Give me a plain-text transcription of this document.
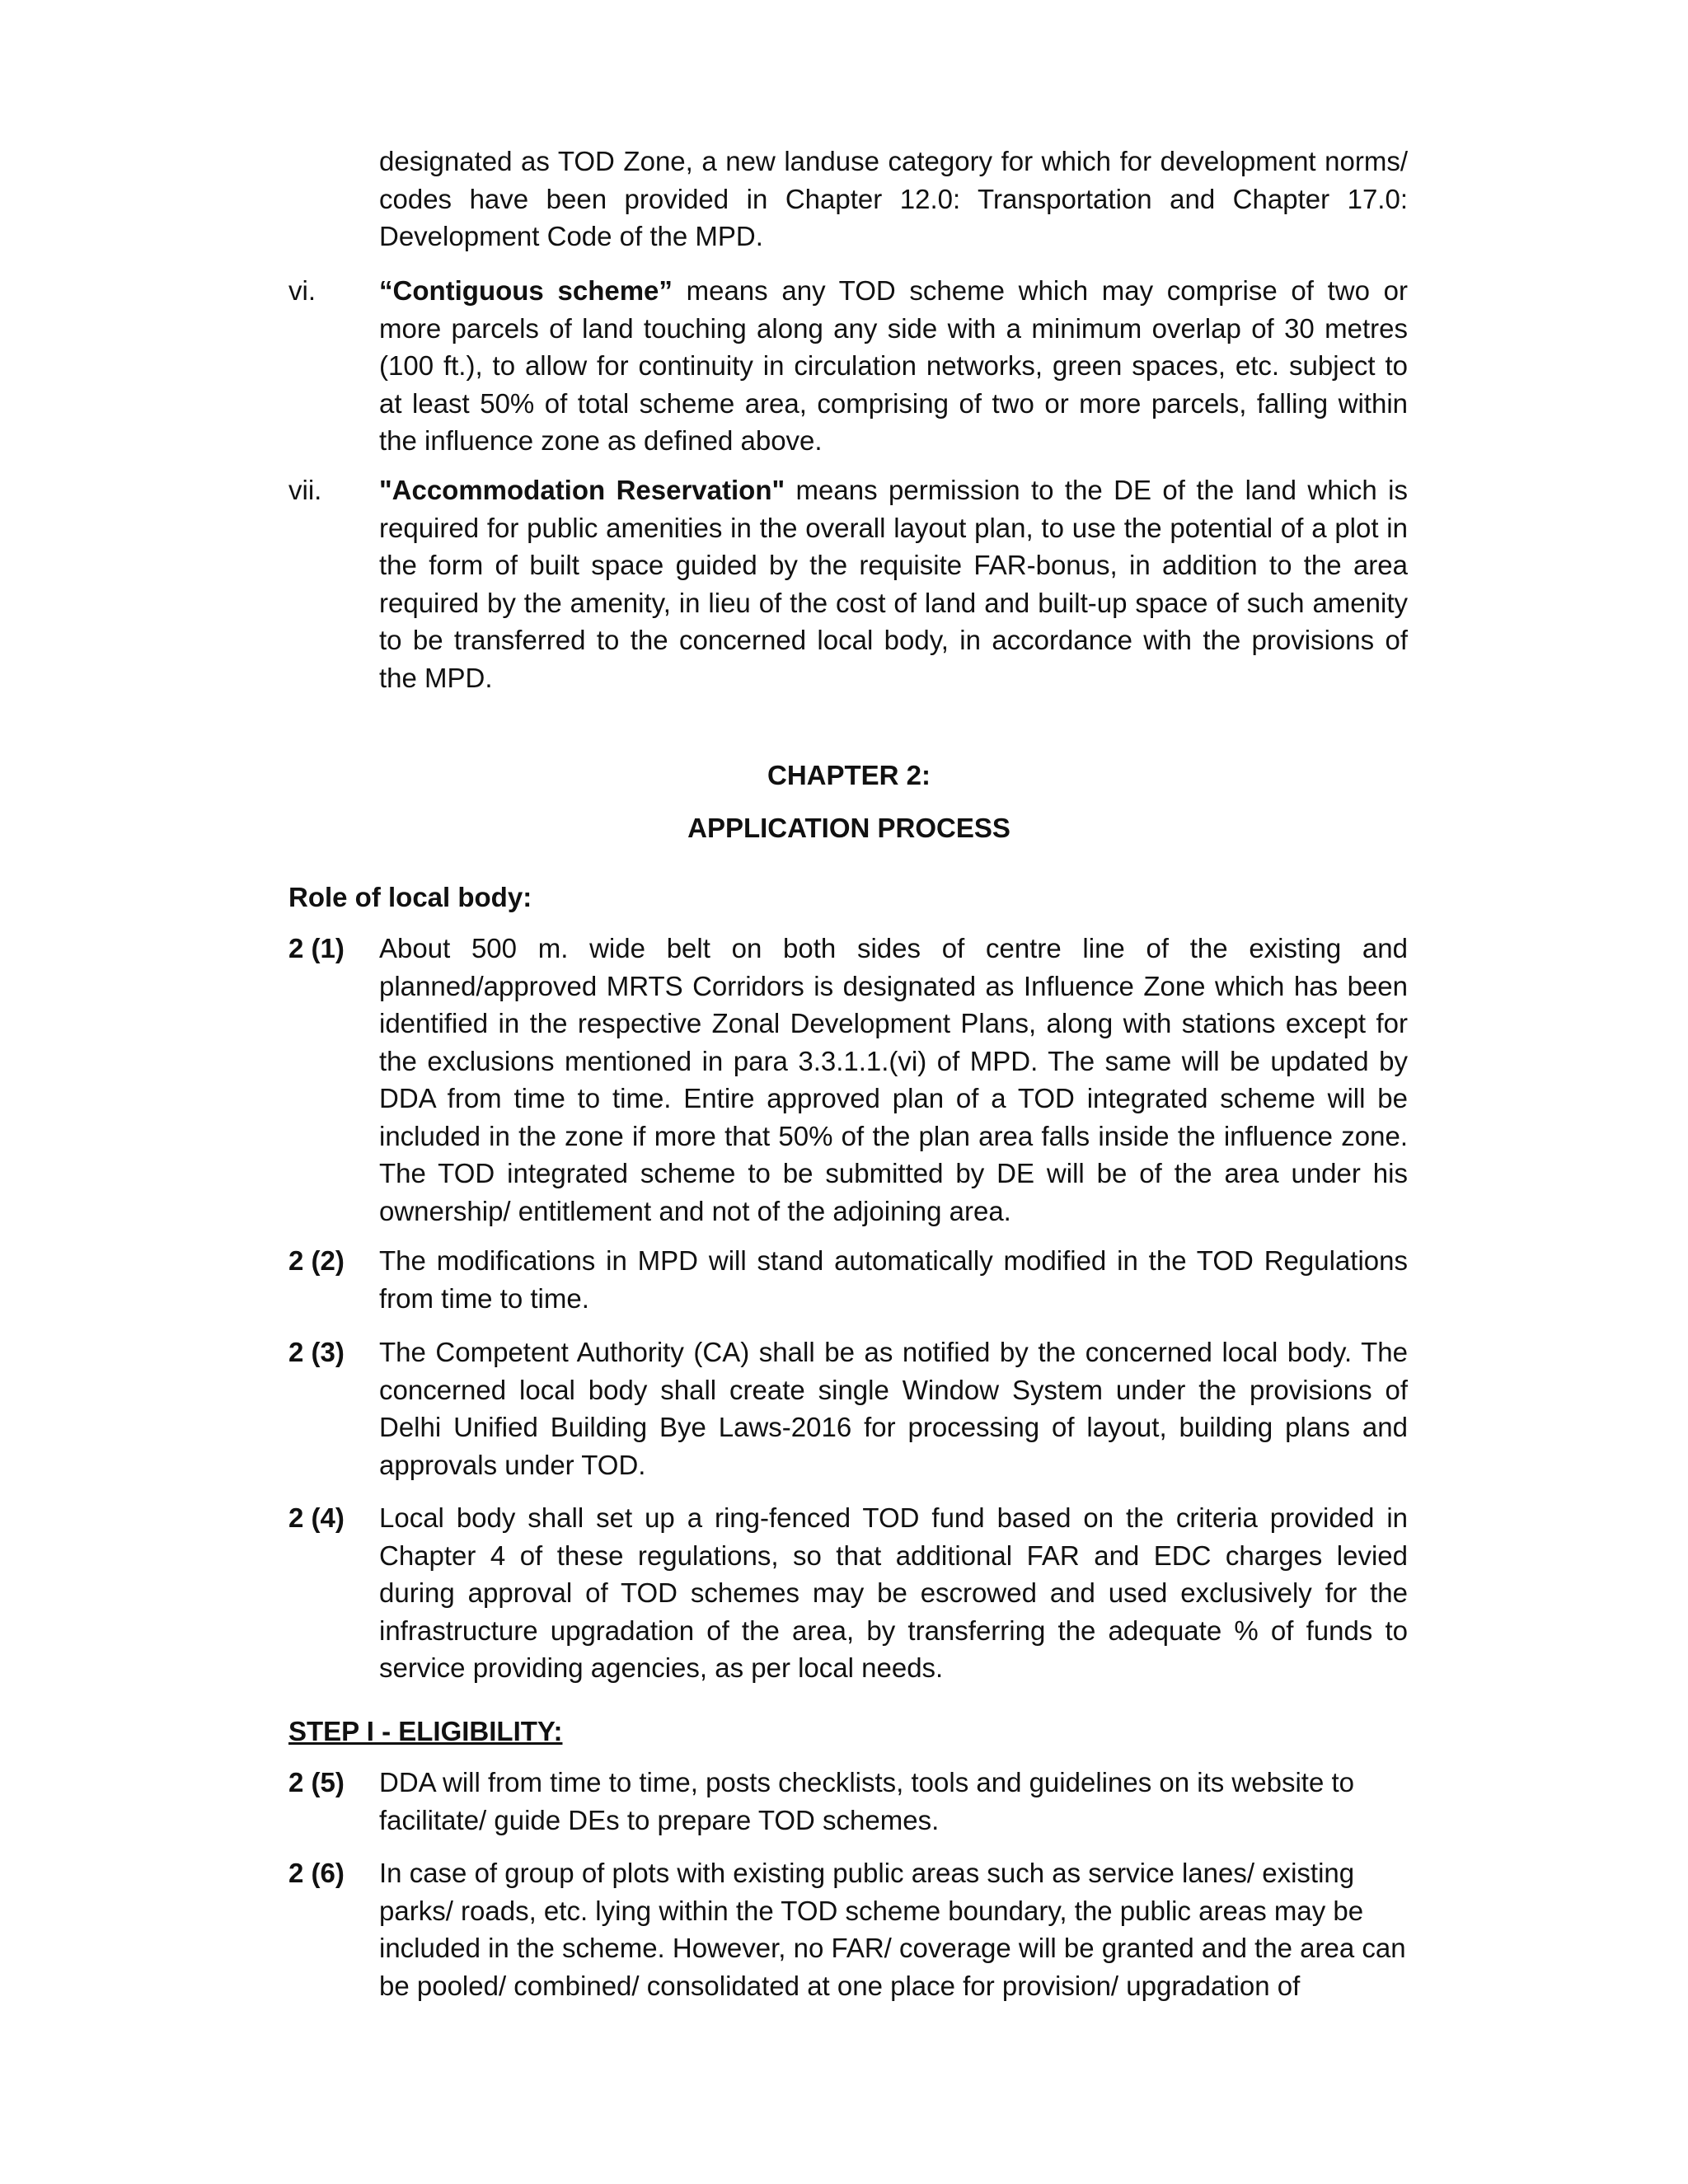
designated as TOD Zone, a new landuse category for which for development norms/ codes have been provided in Chapter 12.0: Transportation and Chapter 17.0: Development Code of the MPD.

vi. “Contiguous scheme” means any TOD scheme which may comprise of two or more parcels of land touching along any side with a minimum overlap of 30 metres (100 ft.), to allow for continuity in circulation networks, green spaces, etc. subject to at least 50% of total scheme area, comprising of two or more parcels, falling within the influence zone as defined above.

vii. "Accommodation Reservation" means permission to the DE of the land which is required for public amenities in the overall layout plan, to use the potential of a plot in the form of built space guided by the requisite FAR-bonus, in addition to the area required by the amenity, in lieu of the cost of land and built-up space of such amenity to be transferred to the concerned local body, in accordance with the provisions of the MPD.

CHAPTER 2:
APPLICATION PROCESS
Role of local body:
2 (1) About 500 m. wide belt on both sides of centre line of the existing and planned/approved MRTS Corridors is designated as Influence Zone which has been identified in the respective Zonal Development Plans, along with stations except for the exclusions mentioned in para 3.3.1.1.(vi) of MPD. The same will be updated by DDA from time to time. Entire approved plan of a TOD integrated scheme will be included in the zone if more that 50% of the plan area falls inside the influence zone. The TOD integrated scheme to be submitted by DE will be of the area under his ownership/ entitlement and not of the adjoining area.

2 (2) The modifications in MPD will stand automatically modified in the TOD Regulations from time to time.

2 (3) The Competent Authority (CA) shall be as notified by the concerned local body. The concerned local body shall create single Window System under the provisions of Delhi Unified Building Bye Laws-2016 for processing of layout, building plans and approvals under TOD.

2 (4) Local body shall set up a ring-fenced TOD fund based on the criteria provided in Chapter 4 of these regulations, so that additional FAR and EDC charges levied during approval of TOD schemes may be escrowed and used exclusively for the infrastructure upgradation of the area, by transferring the adequate % of funds to service providing agencies, as per local needs.

STEP I - ELIGIBILITY:
2 (5) DDA will from time to time, posts checklists, tools and guidelines on its website to facilitate/ guide DEs to prepare TOD schemes.

2 (6) In case of group of plots with existing public areas such as service lanes/ existing parks/ roads, etc. lying within the TOD scheme boundary, the public areas may be included in the scheme. However, no FAR/ coverage will be granted and the area can be pooled/ combined/ consolidated at one place for provision/ upgradation of
